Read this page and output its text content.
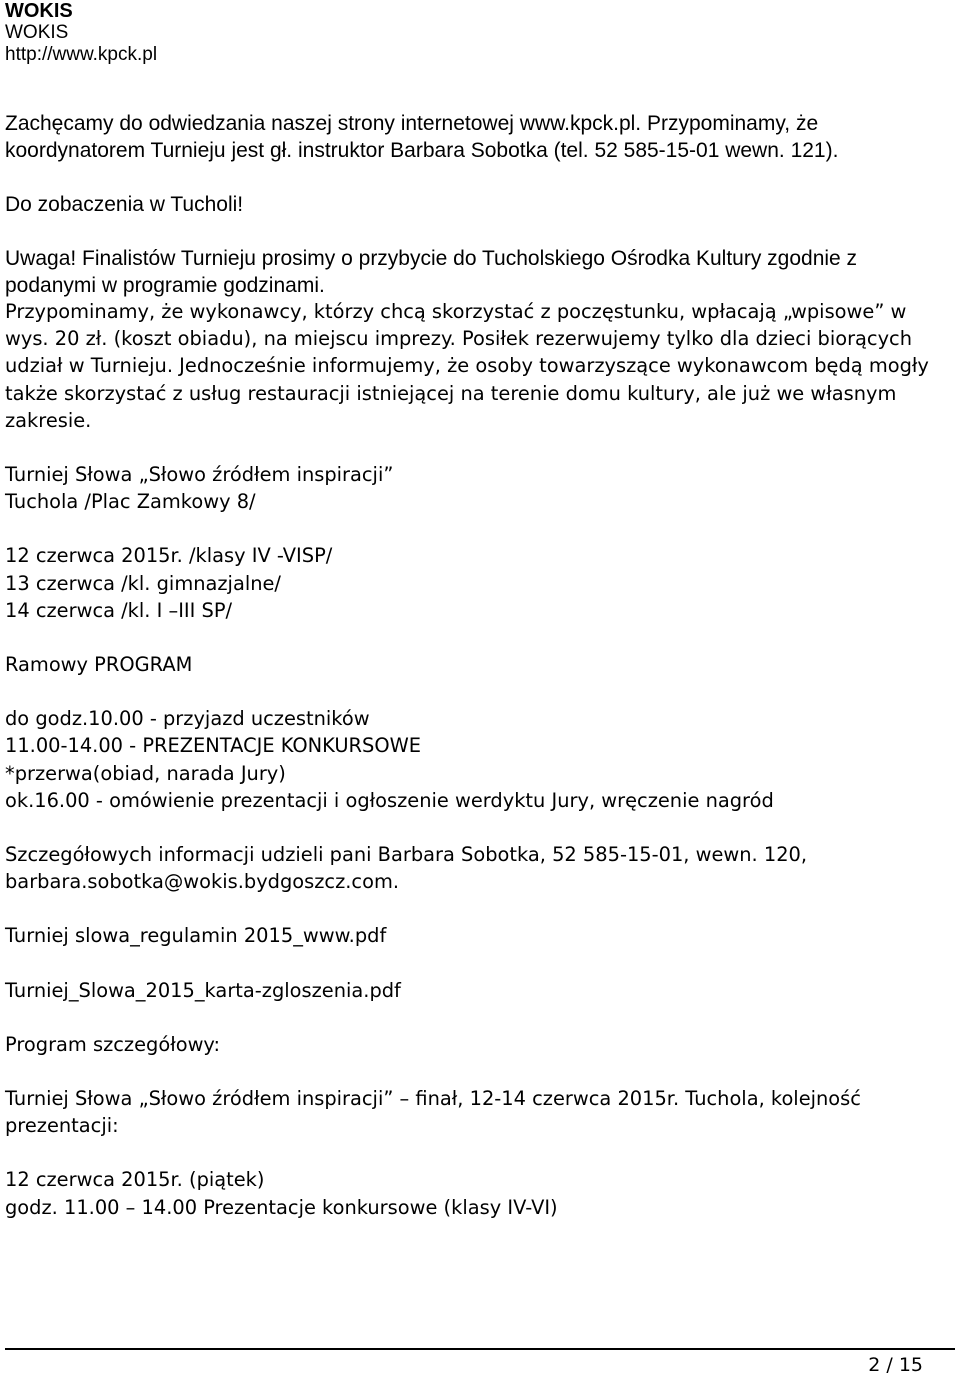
WOKIS
WOKIS
http://www.kpck.pl

Zachęcamy do odwiedzania naszej strony internetowej www.kpck.pl. Przypominamy, że koordynatorem Turnieju jest gł. instruktor Barbara Sobotka (tel. 52 585-15-01 wewn. 121).

Do zobaczenia w Tucholi!

Uwaga! Finalistów Turnieju prosimy o przybycie do Tucholskiego Ośrodka Kultury zgodnie z podanymi w programie godzinami.

Przypominamy, że wykonawcy, którzy chcą skorzystać z poczęstunku, wpłacają „wpisowe” w wys. 20 zł. (koszt obiadu), na miejscu imprezy. Posiłek rezerwujemy tylko dla dzieci biorących udział w Turnieju. Jednocześnie informujemy, że osoby towarzyszące wykonawcom będą mogły także skorzystać z usług restauracji istniejącej na terenie domu kultury, ale już we własnym zakresie.

Turniej Słowa „Słowo źródłem inspiracji”

Tuchola /Plac Zamkowy 8/

12 czerwca 2015r. /klasy IV -VISP/

13 czerwca /kl. gimnazjalne/

14 czerwca /kl. I –III SP/

Ramowy PROGRAM

do godz.10.00 - przyjazd uczestników

11.00-14.00 - PREZENTACJE KONKURSOWE

*przerwa(obiad, narada Jury)

ok.16.00 - omówienie prezentacji i ogłoszenie werdyktu Jury, wręczenie nagród

Szczegółowych informacji udzieli pani Barbara Sobotka, 52 585-15-01, wewn. 120, barbara.sobotka@wokis.bydgoszcz.com.

Turniej slowa_regulamin 2015_www.pdf

Turniej_Slowa_2015_karta-zgloszenia.pdf

Program szczegółowy:

Turniej Słowa „Słowo źródłem inspiracji” – finał, 12-14 czerwca 2015r. Tuchola, kolejność prezentacji:

12 czerwca 2015r. (piątek)

godz. 11.00 – 14.00 Prezentacje konkursowe (klasy IV-VI)

2 / 15
